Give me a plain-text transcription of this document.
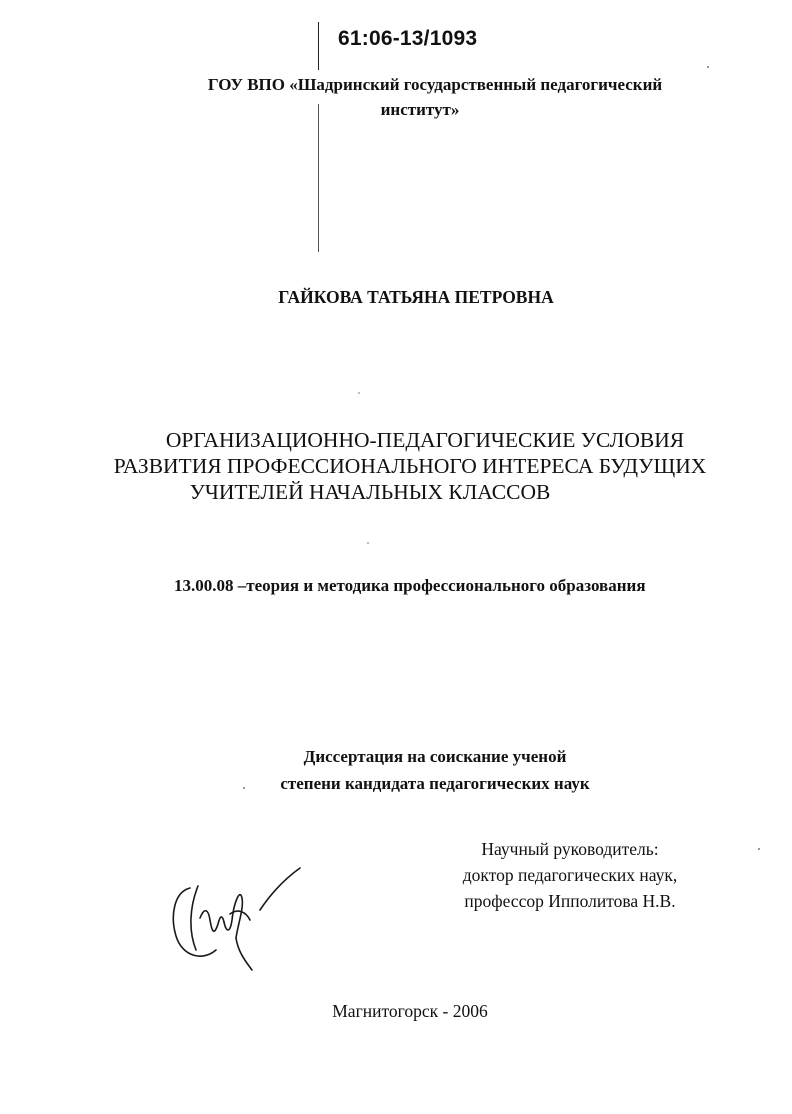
61:06-13/1093
ГОУ ВПО «Шадринский государственный педагогический
институт»
ГАЙКОВА ТАТЬЯНА ПЕТРОВНА
ОРГАНИЗАЦИОННО-ПЕДАГОГИЧЕСКИЕ УСЛОВИЯ
РАЗВИТИЯ ПРОФЕССИОНАЛЬНОГО ИНТЕРЕСА БУДУЩИХ
УЧИТЕЛЕЙ НАЧАЛЬНЫХ КЛАССОВ
13.00.08 –теория и методика профессионального образования
Диссертация на соискание ученой
степени кандидата педагогических наук
Научный руководитель:
доктор педагогических наук,
профессор Ипполитова Н.В.
Магнитогорск - 2006
